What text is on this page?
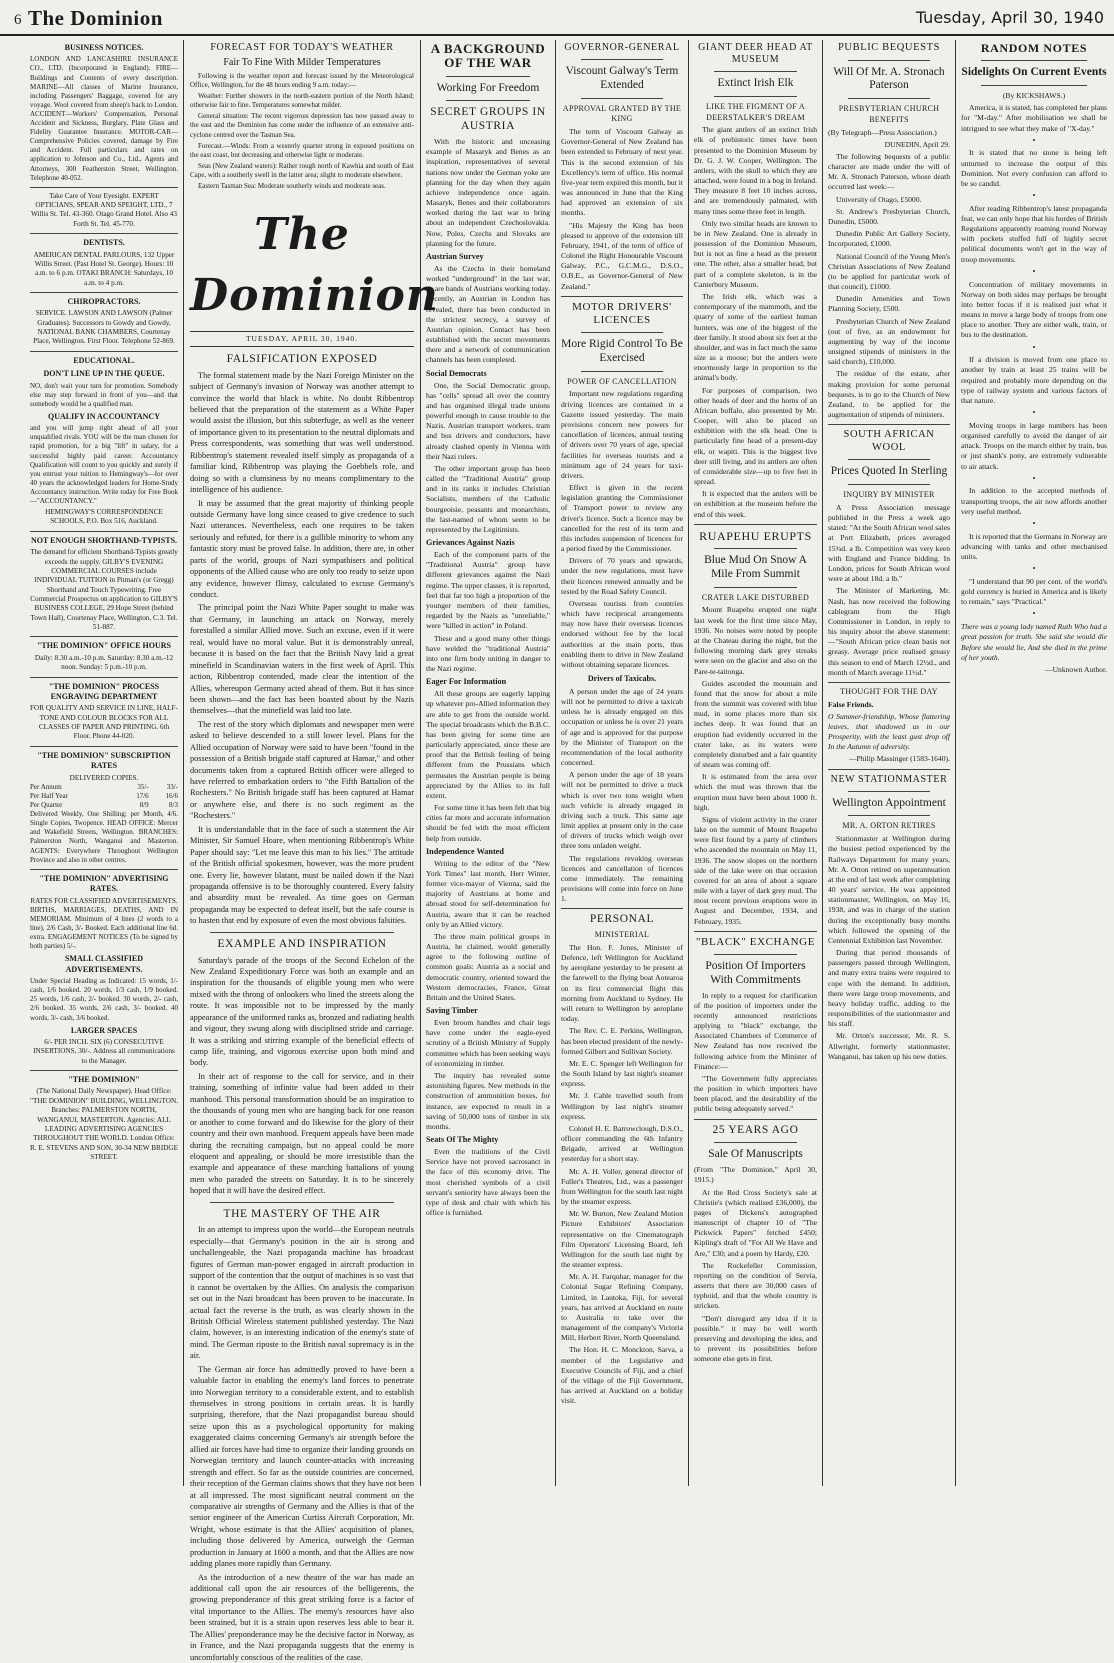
6 The Dominion	Tuesday, April 30, 1940
BUSINESS NOTICES.

LONDON AND LANCASHIRE INSURANCE CO., LTD. (Incorporated in England). FIRE—Buildings and Contents of every description. MARINE—All classes of Marine Insurance, including Passengers' Baggage, covered for any voyage. Wool covered from sheep's back to London. ACCIDENT—Workers' Compensation, Personal Accident and Sickness, Burglary, Plate Glass and Fidelity Guarantee Insurance. MOTOR-CAR—Comprehensive Policies covered, damage by Fire and Accident. Full particulars and rates on application to Johnson and Co., Ltd., Agents and Attorneys, 300 Featherston Street, Wellington. Telephone 40-052.

Take Care of Your Eyesight. EXPERT OPTICIANS, SPEAR AND SPEIGHT, LTD., 7 Willis St. Tel. 43-360. Otago Grand Hotel. Also 43 Forth St. Tel. 45-770.

DENTISTS.

AMERICAN DENTAL PARLOURS, 132 Upper Willis Street. (Past Hotel St. George). Hours: 10 a.m. to 6 p.m. OTAKI BRANCH: Saturdays, 10 a.m. to 4 p.m.

CHIROPRACTORS.

SERVICE. LAWSON AND LAWSON (Palmer Graduates). Successors to Gowdy and Gowdy, NATIONAL BANK CHAMBERS, Courtenay Place, Wellington. First Floor. Telephone 52-869.

EDUCATIONAL.
DON'T LINE UP IN THE QUEUE.

NO, don't wait your turn for promotion. Somebody else may step forward in front of you—and that somebody would be a qualified man.

QUALIFY IN ACCOUNTANCY

and you will jump right ahead of all your unqualified rivals. YOU will be the man chosen for rapid promotion, for a big "lift" in salary, for a successful highly paid career. Accountancy Qualification will count to you quickly and surely if you entrust your tuition to Hemingway's—for over 40 years the acknowledged leaders for Home-Study Accountancy instruction. Write today for Free Book—"ACCOUNTANCY."

HEMINGWAY'S CORRESPONDENCE SCHOOLS, P.O. Box 516, Auckland.

NOT ENOUGH SHORTHAND-TYPISTS.

The demand for efficient Shorthand-Typists greatly exceeds the supply. GILBY'S EVENING COMMERCIAL COURSES include INDIVIDUAL TUITION in Pitman's (or Gregg) Shorthand and Touch Typewriting. Free Commercial Prospectus on application to GILBY'S BUSINESS COLLEGE, 29 Hope Street (behind Town Hall), Courtenay Place, Wellington, C.3. Tel. 51-887.

"THE DOMINION" OFFICE HOURS

Daily: 8.30 a.m.-10 p.m. Saturday: 8.30 a.m.-12 noon. Sunday: 5 p.m.-10 p.m.

"THE DOMINION" PROCESS ENGRAVING DEPARTMENT

FOR QUALITY AND SERVICE IN LINE, HALF-TONE AND COLOUR BLOCKS FOR ALL CLASSES OF PAPER AND PRINTING. 6th Floor. Phone 44-020.

"THE DOMINION" SUBSCRIPTION RATES
DELIVERED COPIES.
Per Annum	35/-	33/-
Per Half Year	17/6	16/6
Per Quarter	8/9	8/3

Delivered Weekly, One Shilling; per Month, 4/6. Single Copies, Twopence. HEAD OFFICE: Mercer and Wakefield Streets, Wellington. BRANCHES: Palmerston North, Wanganui and Masterton. AGENTS: Everywhere Throughout Wellington Province and also in other centres.

"THE DOMINION" ADVERTISING RATES.
RATES FOR CLASSIFIED ADVERTISEMENTS.

BIRTHS, MARRIAGES, DEATHS, AND IN MEMORIAM. Minimum of 4 lines (2 words to a line), 2/6 Cash, 3/- Booked. Each additional line 6d. extra. ENGAGEMENT NOTICES (To be signed by both parties) 5/-.

SMALL CLASSIFIED ADVERTISEMENTS.

Under Special Heading as Indicated: 15 words, 1/- cash, 1/6 booked. 20 words, 1/3 cash, 1/9 booked. 25 words, 1/6 cash, 2/- booked. 30 words, 2/- cash, 2/6 booked. 35 words, 2/6 cash, 3/- booked. 40 words, 3/- cash, 3/6 booked.

LARGER SPACES

6/- PER INCH. SIX (6) CONSECUTIVE INSERTIONS, 30/-. Address all communications to the Manager.

"THE DOMINION"

(The National Daily Newspaper). Head Office: "THE DOMINION" BUILDING, WELLINGTON. Branches: PALMERSTON NORTH, WANGANUI, MASTERTON. Agencies: ALL LEADING ADVERTISING AGENCIES THROUGHOUT THE WORLD. London Office: R. E. STEVENS AND SON, 30-34 NEW BRIDGE STREET.

FORECAST FOR TODAY'S WEATHER
Fair To Fine With Milder Temperatures

Following is the weather report and forecast issued by the Meteorological Office, Wellington, for the 48 hours ending 9 a.m. today:—

Weather: Further showers in the north-eastern portion of the North Island; otherwise fair to fine. Temperatures somewhat milder.

General situation: The recent vigorous depression has now passed away to the east and the Dominion has come under the influence of an extensive anti-cyclone centred over the Tasman Sea.

Forecast.—Winds: From a westerly quarter strong in exposed positions on the east coast, but decreasing and otherwise light or moderate.

Seas (New Zealand waters): Rather rough north of Kawhia and south of East Cape, with a southerly swell in the latter area; slight to moderate elsewhere.

Eastern Tasman Sea: Moderate southerly winds and moderate seas.

The Dominion
TUESDAY, APRIL 30, 1940.
FALSIFICATION EXPOSED

The formal statement made by the Nazi Foreign Minister on the subject of Germany's invasion of Norway was another attempt to convince the world that black is white. No doubt Ribbentrop believed that the preparation of the statement as a White Paper would assist the illusion, but this subterfuge, as well as the veneer of importance given to its presentation to the neutral diplomats and Press correspondents, was something that was well understood. Ribbentrop's statement revealed itself simply as propaganda of a familiar kind, Ribbentrop was playing the Goebbels role, and doing so with a clumsiness by no means complimentary to the intelligence of his audience.

It may be assumed that the great majority of thinking people outside Germany have long since ceased to give credence to such Nazi utterances. Nevertheless, each one requires to be taken seriously and refuted, for there is a gullible minority to whom any fantastic story must be proved false. In addition, there are, in other parts of the world, groups of Nazi sympathisers and political opponents of the Allied cause who are only too ready to seize upon any evidence, however flimsy, calculated to excuse Germany's conduct.

The principal point the Nazi White Paper sought to make was that Germany, in launching an attack on Norway, merely forestalled a similar Allied move. Such an excuse, even if it were real, would have no moral value. But it is demonstrably unreal, because it is based on the fact that the British Navy laid a great minefield in Scandinavian waters in the first week of April. This action, Ribbentrop contended, made clear the intention of the Allies, whereupon Germany acted ahead of them. But it has since been shown—and the fact has been boasted about by the Nazis themselves—that the minefield was laid too late.

The rest of the story which diplomats and newspaper men were asked to believe descended to a still lower level. Plans for the Allied occupation of Norway were said to have been "found in the possession of a British brigade staff captured at Hamar," and other documents taken from a captured British officer were alleged to have referred to embarkation orders to "the Fifth Battalion of the Rochesters." No British brigade staff has been captured at Hamar or anywhere else, and there is no such regiment as the "Rochesters."

It is understandable that in the face of such a statement the Air Minister, Sir Samuel Hoare, when mentioning Ribbentrop's White Paper should say: "Let me leave this man to his lies." The attitude of the British official spokesmen, however, was the more prudent one. Every lie, however blatant, must be nailed down if the Nazi propaganda offensive is to be thoroughly countered. Every falsity and absurdity must be revealed. As time goes on German propaganda may be expected to defeat itself, but the safe course is to hasten that end by exposure of even the most obvious falsities.

EXAMPLE AND INSPIRATION

Saturday's parade of the troops of the Second Echelon of the New Zealand Expeditionary Force was both an example and an inspiration for the thousands of eligible young men who were mixed with the throng of onlookers who lined the streets along the route. It was impossible not to be impressed by the manly appearance of the uniformed ranks as, bronzed and radiating health and vigour, they swung along with disciplined stride and carriage. It was a striking and stirring example of the beneficial effects of camp life, training, and vigorous exercise upon both mind and body.

In their act of response to the call for service, and in their training, something of infinite value had been added to their manhood. This personal transformation should be an inspiration to the thousands of young men who are hanging back for one reason or another to come forward and do likewise for the glory of their country and their own manhood. Frequent appeals have been made during the recruiting campaign, but no appeal could be more eloquent and appealing, or should be more irresistible than the example and appearance of these marching battalions of young men who paraded the streets on Saturday. It is to be sincerely hoped that it will have the desired effect.

THE MASTERY OF THE AIR

In an attempt to impress upon the world—the European neutrals especially—that Germany's position in the air is strong and unchallengeable, the Nazi propaganda machine has broadcast figures of German man-power engaged in aircraft production in support of the contention that the output of machines is so vast that it cannot be overtaken by the Allies. On analysis the comparison set out in the Nazi broadcast has been proven to be inaccurate. In actual fact the reverse is the truth, as was clearly shown in the British Official Wireless statement published yesterday. The Nazi claim, however, is an interesting indication of the enemy's state of mind. The German riposte to the British naval supremacy is in the air.

The German air force has admittedly proved to have been a valuable factor in enabling the enemy's land forces to penetrate into Norwegian territory to a considerable extent, and to establish themselves in strong positions in certain areas. It is hardly surprising, therefore, that the Nazi propagandist bureau should seize upon this as a psychological opportunity for making exaggerated claims concerning Germany's air strength before the allied air forces have had time to organize their landing grounds on Norwegian territory and launch counter-attacks with increasing strength and effect. So far as the outside countries are concerned, their reception of the German claims shows that they have not been at all impressed. The most significant neutral comment on the comparative air strengths of Germany and the Allies is that of the senior engineer of the American Curtiss Aircraft Corporation, Mr. Wright, whose estimate is that the Allies' acquisition of planes, including those delivered by America, outweigh the German production in January at 1600 a month, and that the Allies are now adding planes more rapidly than Germany.

As the introduction of a new theatre of the war has made an additional call upon the air resources of the belligerents, the growing preponderance of this great striking force is a factor of vital importance to the Allies. The enemy's resources have also been strained, but it is a strain upon reserves less able to bear it. The Allies' preponderance may be the decisive factor in Norway, as in France, and the Nazi propaganda suggests that the enemy is uncomfortably conscious of the realities of the case.

A BACKGROUND OF THE WAR
Working For Freedom
SECRET GROUPS IN AUSTRIA

With the historic and unceasing example of Masaryk and Benes as an inspiration, representatives of several nations now under the German yoke are planning for the day when they again achieve independence once again. Masaryk, Benes and their collaborators worked during the last war to bring about an independent Czechoslovakia. Now, Poles, Czechs and Slovaks are planning for the future.

Austrian Survey

As the Czechs in their homeland worked "underground" in the last war, so are bands of Austrians working today. Recently, an Austrian in London has revealed, there has been conducted in the strictest secrecy, a survey of Austrian opinion. Contact has been established with the secret movements there and a network of communication channels has been completed.

Social Democrats

One, the Social Democratic group, has "cells" spread all over the country and has organised illegal trade unions powerful enough to cause trouble to the Nazis. Austrian transport workers, tram and bus drivers and conductors, have already clashed openly in Vienna with their Nazi rulers.

The other important group has been called the "Traditional Austria" group and in its ranks it includes Christian Socialists, members of the Catholic bourgeoisie, peasants and monarchists, the last-named of whom seem to be represented by the Legitimists.

Grievances Against Nazis

Each of the component parts of the "Traditional Austria" group have different grievances against the Nazi regime. The upper classes, it is reported, feel that far too high a proportion of the younger members of their families, regarded by the Nazis as "unreliable," were "killed in action" in Poland.

These and a good many other things have welded the "traditional Austria" into one firm body uniting in danger to the Nazi regime.

Eager For Information

All these groups are eagerly lapping up whatever pro-Allied information they are able to get from the outside world. The special broadcasts which the B.B.C. has been giving for some time are particularly appreciated, since these are proof that the British feeling of being different from the Prussians which permeates the Austrian people is being appreciated by the Allies to its full extent.

For some time it has been felt that big cities far more and accurate information should be fed with the most efficient help from outside.

Independence Wanted

Writing to the editor of the "New York Times" last month, Herr Winter, former vice-mayor of Vienna, said the majority of Austrians at home and abroad stood for self-determination for Austria, aware that it can be reached only by an Allied victory.

The three main political groups in Austria, he claimed, would generally agree to the following outline of common goals: Austria as a social and democratic country, oriented toward the Western democracies, France, Great Britain and the United States.

Saving Timber

Even broom handles and chair legs have come under the eagle-eyed scrutiny of a British Ministry of Supply committee which has been seeking ways of economizing in timber.

The inquiry has revealed some astonishing figures. New methods in the construction of ammunition boxes, for instance, are expected to result in a saving of 50,000 tons of timber in six months.

Seats Of The Mighty

Even the traditions of the Civil Service have not proved sacrosanct in the face of this economy drive. The most cherished symbols of a civil servant's seniority have always been the type of desk and chair with which his office is furnished.

GOVERNOR-GENERAL
Viscount Galway's Term Extended
APPROVAL GRANTED BY THE KING

The term of Viscount Galway as Governor-General of New Zealand has been extended to February of next year. This is the second extension of his Excellency's term of office. His normal five-year term expired this month, but it was announced in June that the King had approved an extension of six months.

"His Majesty the King has been pleased to approve of the extension till February, 1941, of the term of office of Colonel the Right Honourable Viscount Galway, P.C., G.C.M.G., D.S.O., O.B.E., as Governor-General of New Zealand."

MOTOR DRIVERS' LICENCES
More Rigid Control To Be Exercised
POWER OF CANCELLATION

Important new regulations regarding driving licences are contained in a Gazette issued yesterday. The main provisions concern new powers for cancellation of licences, annual testing of drivers over 70 years of age, special facilities for overseas tourists and a minimum age of 24 years for taxi-drivers.

Effect is given in the recent legislation granting the Commissioner of Transport power to review any driver's licence. Such a licence may be cancelled for the rest of its term and this includes suspension of licences for a period fixed by the Commissioner.

Drivers of 70 years and upwards, under the new regulations, must have their licences renewed annually and be tested by the Road Safety Council.

Overseas tourists from countries which have reciprocal arrangements may now have their overseas licences endorsed without fee by the local authorities at the main ports, thus enabling them to drive in New Zealand without obtaining separate licences.

Drivers of Taxicabs.

A person under the age of 24 years will not be permitted to drive a taxicab unless he is already engaged on this occupation or unless he is over 21 years of age and is approved for the purpose by the Minister of Transport on the recommendation of the local authority concerned.

A person under the age of 18 years will not be permitted to drive a truck which is over two tons weight when such vehicle is already engaged in driving such a truck. This same age limit applies at present only in the case of drivers of trucks which weigh over three tons unladen weight.

The regulations revoking overseas licences and cancellation of licences come immediately. The remaining provisions will come into force on June 1.

PERSONAL
MINISTERIAL

The Hon. F. Jones, Minister of Defence, left Wellington for Auckland by aeroplane yesterday to be present at the farewell to the flying boat Aotearoa on its first commercial flight this morning from Auckland to Sydney. He will return to Wellington by aeroplane today.

The Rev. C. E. Perkins, Wellington, has been elected president of the newly-formed Gilbert and Sullivan Society.

Mr. E. C. Spenger left Wellington for the South Island by last night's steamer express.

Mr. J. Cable travelled south from Wellington by last night's steamer express.

Colonel H. E. Barrowclough, D.S.O., officer commanding the 6th Infantry Brigade, arrived at Wellington yesterday for a short stay.

Mr. A. H. Voller, general director of Fuller's Theatres, Ltd., was a passenger from Wellington for the south last night by the steamer express.

Mr. W. Burton, New Zealand Motion Picture Exhibitors' Association representative on the Cinematograph Film Operators' Licensing Board, left Wellington for the south last night by the steamer express.

Mr. A. H. Farquhar, manager for the Colonial Sugar Refining Company, Limited, in Lautoka, Fiji, for several years, has arrived at Auckland en route to Australia to take over the management of the company's Victoria Mill, Herbert River, North Queensland.

The Hon. H. C. Monckton, Sarva, a member of the Legislative and Executive Councils of Fiji, and a chief of the village of the Fiji Government, has arrived at Auckland on a holiday visit.

GIANT DEER HEAD AT MUSEUM
Extinct Irish Elk
LIKE THE FIGMENT OF A DEERSTALKER'S DREAM

The giant antlers of an extinct Irish elk of prehistoric times have been presented to the Dominion Museum by Dr. G. J. W. Cooper, Wellington. The antlers, with the skull to which they are attached, were found in a bog in Ireland. They measure 8 feet 10 inches across, and are tremendously palmated, with many tines some three feet in length.

Only two similar heads are known to be in New Zealand. One is already in possession of the Dominion Museum, but is not as fine a head as the present one. The other, also a smaller head, but part of a complete skeleton, is in the Canterbury Museum.

The Irish elk, which was a contemporary of the mammoth, and the quarry of some of the earliest human hunters, was one of the biggest of the deer family. It stood about six feet at the shoulder, and was in fact much the same size as a moose; but the antlers were enormously large in proportion to the animal's body.

For purposes of comparison, two other heads of deer and the horns of an African buffalo, also presented by Mr. Cooper, will also be placed on exhibition with the elk head. One is particularly fine head of a present-day elk, or wapiti. This is the biggest live deer still living, and its antlers are often of considerable size—up to five feet in spread.

It is expected that the antlers will be on exhibition at the museum before the end of this week.

RUAPEHU ERUPTS
Blue Mud On Snow A Mile From Summit
CRATER LAKE DISTURBED

Mount Ruapehu erupted one night last week for the first time since May, 1936. No noises were noted by people at the Chateau during the night, but the following morning dark grey streaks were seen on the glacier and also on the Pare-te-taitonga.

Guides ascended the mountain and found that the snow for about a mile from the summit was covered with blue mud, in some places more than six inches deep. It was found that an eruption had evidently occurred in the crater lake, as its waters were completely disturbed and a fair quantity of steam was coming off.

It is estimated from the area over which the mud was thrown that the eruption must have been about 1000 ft. high.

Signs of violent activity in the crater lake on the summit of Mount Ruapehu were first found by a party of climbers who ascended the mountain on May 11, 1936. The snow slopes on the northern side of the lake were on that occasion covered for an area of about a square mile with a layer of dark grey mud. The most recent previous eruptions were in August and December, 1934, and February, 1935.

"BLACK" EXCHANGE
Position Of Importers With Commitments

In reply to a request for clarification of the position of importers under the recently announced restrictions applying to "black" exchange, the Associated Chambers of Commerce of New Zealand has now received the following advice from the Minister of Finance:—

"The Government fully appreciates the position in which importers have been placed, and the desirability of the public being adequately served."

25 YEARS AGO
Sale Of Manuscripts

(From "The Dominion," April 30, 1915.)

At the Red Cross Society's sale at Christie's (which realised £36,000), the pages of Dickens's autographed manuscript of chapter 10 of "The Pickwick Papers" fetched £450; Kipling's draft of "For All We Have and Are," £30; and a poem by Hardy, £20.

The Rockefeller Commission, reporting on the condition of Servia, asserts that there are 30,000 cases of typhoid, and that the whole country is stricken.

"Don't disregard any idea if it is possible." it may be well worth preserving and developing the idea, and to prevent its possibilities before someone else gets in first.

PUBLIC BEQUESTS
Will Of Mr. A. Stronach Paterson
PRESBYTERIAN CHURCH BENEFITS

(By Telegraph—Press Association.)

DUNEDIN, April 29.

The following bequests of a public character are made under the will of Mr. A. Stronach Paterson, whose death occurred last week:—

University of Otago, £5000.

St. Andrew's Presbyterian Church, Dunedin, £5000.

Dunedin Public Art Gallery Society, Incorporated, £1000.

National Council of the Young Men's Christian Associations of New Zealand (to be applied for particular work of that council), £1000.

Dunedin Amenities and Town Planning Society, £500.

Presbyterian Church of New Zealand (out of five, as an endowment for augmenting by way of the income unsigned stipends of ministers in the said church), £10,000.

The residue of the estate, after making provision for some personal bequests, is to go to the Church of New Zealand, to be applied for the augmentation of stipends of ministers.

SOUTH AFRICAN WOOL
Prices Quoted In Sterling
INQUIRY BY MINISTER

A Press Association message published in the Press a week ago stated: "At the South African wool sales at Port Elizabeth, prices averaged 15¾d. a lb. Competition was very keen with England and France bidding. In London, prices for South African wool were at about 18d. a lb."

The Minister of Marketing, Mr. Nash, has now received the following cablegram from the High Commissioner in London, in reply to his inquiry about the above statement:—"South African price clean basis not greasy. Average price realised greasy this season to end of March 12½d., and month of March average 11½d."

THOUGHT FOR THE DAY

False Friends.

O Summer-friendship, Whose flattering leaves, that shadowed us in our Prosperity, with the least gust drop off In the Autumn of adversity.

—Philip Massinger (1583-1640).

NEW STATIONMASTER
Wellington Appointment
MR. A. ORTON RETIRES

Stationmaster at Wellington during the busiest period experienced by the Railways Department for many years, Mr. A. Orton retired on superannuation at the end of last week after completing 40 years' service. He was appointed stationmaster, Wellington, on May 16, 1938, and was in charge of the station during the exceptionally busy months which followed the opening of the Centennial Exhibition last November.

During that period thousands of passengers passed through Wellington, and many extra trains were required to cope with the demand. In addition, there were large troop movements, and heavy holiday traffic, adding to the responsibilities of the stationmaster and his staff.

Mr. Orton's successor, Mr. R. S. Allwright, formerly stationmaster, Wanganui, has taken up his new duties.

RANDOM NOTES
Sidelights On Current Events

(By KICKSHAWS.)

America, it is stated, has completed her plans for "M-day." After mobilisation we shall be intrigued to see what they make of "X-day."

•

It is stated that no stone is being left unturned to increase the output of this Dominion. Not every confusion can afford to be so candid.

•

After reading Ribbentrop's latest propaganda feat, we can only hope that his hordes of British Regulations apparently roaming round Norway with pockets stuffed full of highly secret political documents won't get in the way of troop movements.

•

Concentration of military movements in Norway on both sides may perhaps be brought into better focus if it is realised just what it means to move a large body of troops from one place to another. They are either walk, train, or bus to the destination.

•

If a division is moved from one place to another by train at least 25 trains will be required and probably more depending on the type of railway system and various factors of that nature.

•

Moving troops in large numbers has been organised carefully to avoid the danger of air attack. Troops on the march either by train, bus or just shank's pony, are extremely vulnerable to air attack.

•

In addition to the accepted methods of transporting troops, the air now affords another very useful method.

•

It is reported that the Germans in Norway are advancing with tanks and other mechanised units.

•

"I understand that 90 per cent. of the world's gold currency is buried in America and is likely to remain," says "Practical."

•

There was a young lady named Ruth Who had a great passion for truth. She said she would die Before she would lie, And she died in the prime of her youth.

—Unknown Author.
